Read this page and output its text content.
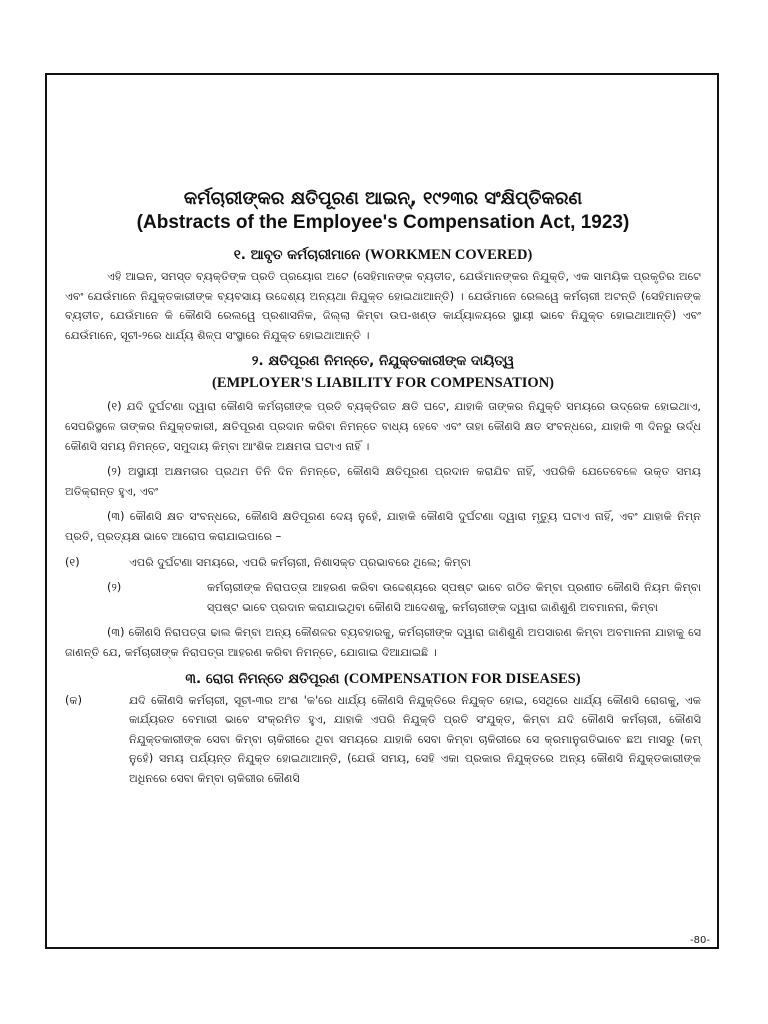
କର୍ମଚାରୀଙ୍କର କ୍ଷତିପୂରଣ ଆଇନ୍, ୧୯୨୩ର ସଂକ୍ଷିପ୍ତିକରଣ
(Abstracts of the Employee's Compensation Act, 1923)
୧. ଆବୃତ କର୍ମଚାରୀମାନେ (WORKMEN COVERED)

ଏହି ଆଇନ, ସମସ୍ତ ବ୍ୟକ୍ତିଙ୍କ ପ୍ରତି ପ୍ରୟୋଗ ଅଟେ (ସେହିମାନଙ୍କ ବ୍ୟତୀତ, ଯେଉଁମାନଙ୍କର ନିଯୁକ୍ତି, ଏକ ସାମୟିକ ପ୍ରକୃତିର ଅଟେ ଏବଂ ଯେଉଁମାନେ ନିଯୁକ୍ତକାରୀଙ୍କ ବ୍ୟବସାୟ ଉଦ୍ଦେଶ୍ୟ ଅନ୍ୟଥା ନିଯୁକ୍ତ ହୋଇଥାଆନ୍ତି) । ଯେଉଁମାନେ ରେଲୱେ କର୍ମଚାରୀ ଅଟନ୍ତି (ସେହିମାନଙ୍କ ବ୍ୟତୀତ, ଯେଉଁମାନେ କି କୌଣସି ରେଲୱେ ପ୍ରଶାସନିକ, ଜିଲ୍ଲା କିମ୍ବା ଉପ-ଖଣ୍ଡ କାର୍ଯ୍ୟାଳୟରେ ସ୍ଥାୟୀ ଭାବେ ନିଯୁକ୍ତ ହୋଇଥାଆନ୍ତି) ଏବଂ ଯେଉଁମାନେ, ସୂଚୀ-୨ରେ ଧାର୍ଯ୍ୟ ଶିଳ୍ପ ସଂସ୍ଥାରେ ନିଯୁକ୍ତ ହୋଇଥାଆନ୍ତି ।

୨. କ୍ଷତିପୂରଣ ନିମନ୍ତେ, ନିଯୁକ୍ତକାରୀଙ୍କ ଦାୟିତ୍ୱ
(EMPLOYER'S LIABILITY FOR COMPENSATION)

(୧) ଯଦି ଦୁର୍ଘଟଣା ଦ୍ୱାରା କୌଣସି କର୍ମଚାରୀଙ୍କ ପ୍ରତି ବ୍ୟକ୍ତିଗତ କ୍ଷତି ଘଟେ, ଯାହାକି ତାଙ୍କର ନିଯୁକ୍ତି ସମୟରେ ଉଦ୍ରେକ ହୋଇଥାଏ, ସେପରିସ୍ଥଳେ ତାଙ୍କର ନିଯୁକ୍ତକାରୀ, କ୍ଷତିପୂରଣ ପ୍ରଦାନ କରିବା ନିମନ୍ତେ ବାଧ୍ୟ ହେବେ ଏବଂ ତାହା କୌଣସି କ୍ଷତ ସଂବନ୍ଧରେ, ଯାହାକି ୩ ଦିନରୁ ଉର୍ଦ୍ଧ କୌଣସି ସମୟ ନିମନ୍ତେ, ସମୁଦାୟ କିମ୍ବା ଆଂଶିକ ଅକ୍ଷମତା ଘଟାଏ ନାହିଁ ।

(୨) ଅସ୍ଥାୟୀ ଅକ୍ଷମତାର ପ୍ରଥମ ତିନି ଦିନ ନିମନ୍ତେ, କୌଣସି କ୍ଷତିପୂରଣ ପ୍ରଦାନ କରାଯିବ ନାହିଁ, ଏପରିକି ଯେତେବେଳେ ଉକ୍ତ ସମୟ ଅତିକ୍ରାନ୍ତ ହୁଏ, ଏବଂ

(୩) କୌଣସି କ୍ଷତ ସଂବନ୍ଧରେ, କୌଣସି କ୍ଷତିପୂରଣ ଦେୟ ନୁହେଁ, ଯାହାକି କୌଣସି ଦୁର୍ଘଟଣା ଦ୍ୱାରା ମୃତ୍ୟୁ ଘଟାଏ ନାହିଁ, ଏବଂ ଯାହାକି ନିମ୍ନ ପ୍ରତି, ପ୍ରତ୍ୟକ୍ଷ ଭାବେ ଆରୋପ କରାଯାଇପାରେ –

(୧)	ଏପରି ଦୁର୍ଘଟଣା ସମୟରେ, ଏପରି କର୍ମଚାରୀ, ନିଶାସକ୍ତ ପ୍ରଭାବରେ ଥିଲେ; କିମ୍ବା
(୨)	କର୍ମଚାରୀଙ୍କ ନିରାପତ୍ତା ଆହରଣ କରିବା ଉଦ୍ଦେଶ୍ୟରେ ସ୍ପଷ୍ଟ ଭାବେ ଗଠିତ କିମ୍ବା ପ୍ରଣୀତ କୌଣସି ନିୟମ କିମ୍ବା ସ୍ପଷ୍ଟ ଭାବେ ପ୍ରଦାନ କରାଯାଇଥିବା କୌଣସି ଆଦେଶକୁ, କର୍ମଚାରୀଙ୍କ ଦ୍ୱାରା ଜାଣିଶୁଣି ଅବମାନନା, କିମ୍ବା

(୩) କୌଣସି ନିରାପତ୍ତା ଢାଲ କିମ୍ବା ଅନ୍ୟ କୌଶଳର ବ୍ୟବହାରକୁ, କର୍ମଚାରୀଙ୍କ ଦ୍ୱାରା ଜାଣିଶୁଣି ଅପସାରଣ କିମ୍ବା ଅବମାନନା ଯାହାକୁ ସେ ଜାଣନ୍ତି ଯେ, କର୍ମଚାରୀଙ୍କ ନିରାପତ୍ତା ଆହରଣ କରିବା ନିମନ୍ତେ, ଯୋଗାଇ ଦିଆଯାଇଛି ।

୩. ରୋଗ ନିମନ୍ତେ କ୍ଷତିପୂରଣ (COMPENSATION FOR DISEASES)
(କ)	ଯଦି କୌଣସି କର୍ମଚାରୀ, ସୂଚୀ-୩ର ଅଂଶ 'କ'ରେ ଧାର୍ଯ୍ୟ କୌଣସି ନିଯୁକ୍ତିରେ ନିଯୁକ୍ତ ହୋଇ, ସେଥିରେ ଧାର୍ଯ୍ୟ କୌଣସି ରୋଗକୁ, ଏକ କାର୍ଯ୍ୟରତ ବେମାରୀ ଭାବେ ସଂକ୍ରମିତ ହୁଏ, ଯାହାକି ଏପରି ନିଯୁକ୍ତି ପ୍ରତି ସଂଯୁକ୍ତ, କିମ୍ବା ଯଦି କୌଣସି କର୍ମଚାରୀ, କୌଣସି ନିଯୁକ୍ତକାରୀଙ୍କ ସେବା କିମ୍ବା ଚାକିରୀରେ ଥିବା ସମୟରେ ଯାହାକି ସେବା କିମ୍ବା ଚାକିରୀରେ ସେ କ୍ରମାନୁଗତିଭାବେ ଛଅ ମାସରୁ (କମ୍ ନୁହେଁ) ସମୟ ପର୍ଯ୍ୟନ୍ତ ନିଯୁକ୍ତ ହୋଇଥାଆନ୍ତି, (ଯେଉଁ ସମୟ, ସେହି ଏକା ପ୍ରକାର ନିଯୁକ୍ତରେ ଅନ୍ୟ କୌଣସି ନିଯୁକ୍ତକାରୀଙ୍କ ଅଧିନରେ ସେବା କିମ୍ବା ଚାକିରୀର କୌଣସି
-80-
